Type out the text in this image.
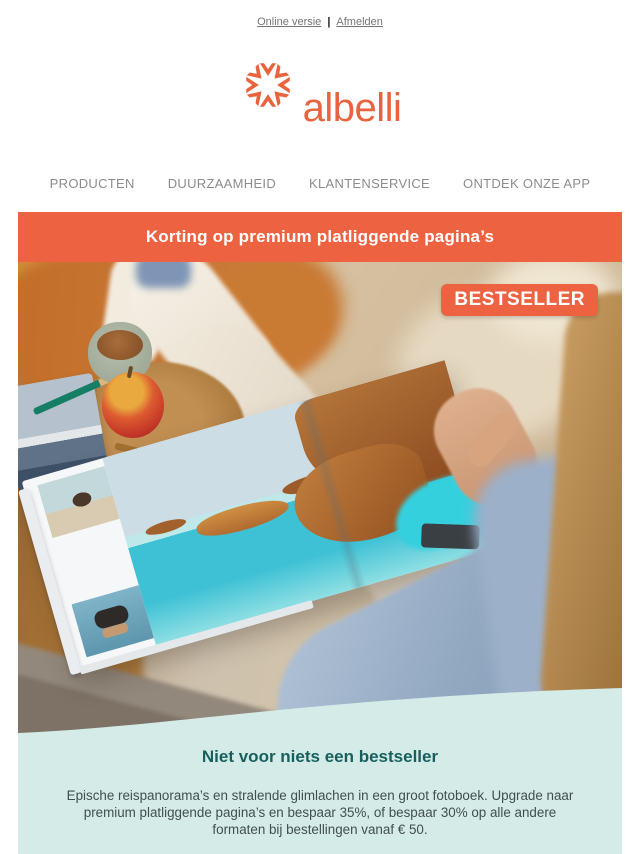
Online versie | Afmelden
albelli
PRODUCTEN	DUURZAAMHEID	KLANTENSERVICE	ONTDEK ONZE APP
Korting op premium platliggende pagina’s
BESTSELLER
Niet voor niets een bestseller
Epische reispanorama’s en stralende glimlachen in een groot fotoboek. Upgrade naar
premium platliggende pagina’s en bespaar 35%, of bespaar 30% op alle andere
formaten bij bestellingen vanaf € 50.
